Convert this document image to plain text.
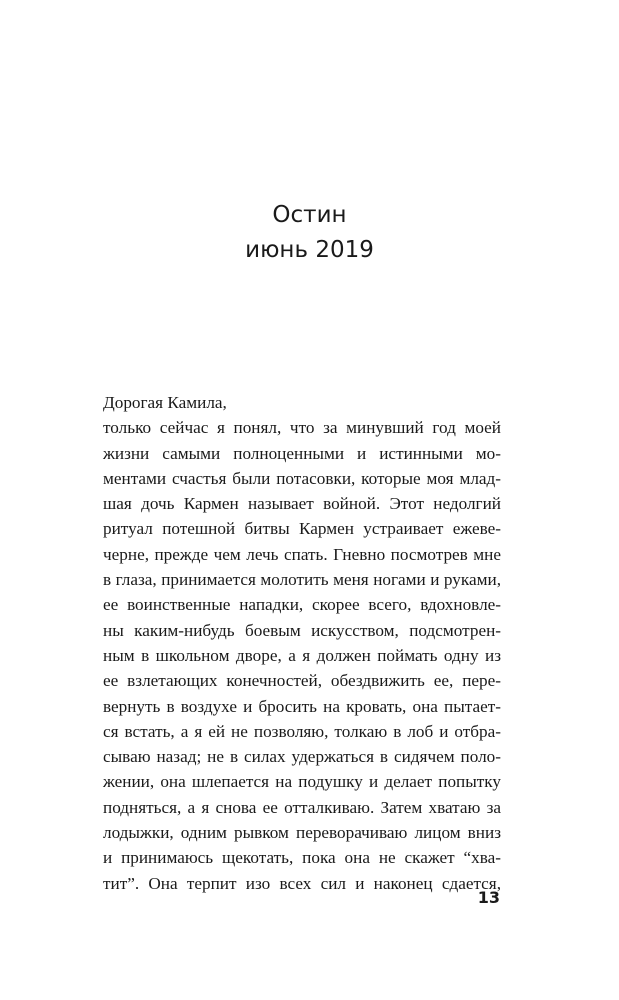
Остин
июнь 2019
Дорогая Камила,
только сейчас я понял, что за минувший год моей
жизни самыми полноценными и истинными мо-
ментами счастья были потасовки, которые моя млад-
шая дочь Кармен называет войной. Этот недолгий
ритуал потешной битвы Кармен устраивает ежеве-
черне, прежде чем лечь спать. Гневно посмотрев мне
в глаза, принимается молотить меня ногами и руками,
ее воинственные нападки, скорее всего, вдохновле-
ны каким-нибудь боевым искусством, подсмотрен-
ным в школьном дворе, а я должен поймать одну из
ее взлетающих конечностей, обездвижить ее, пере-
вернуть в воздухе и бросить на кровать, она пытает-
ся встать, а я ей не позволяю, толкаю в лоб и отбра-
сываю назад; не в силах удержаться в сидячем поло-
жении, она шлепается на подушку и делает попытку
подняться, а я снова ее отталкиваю. Затем хватаю за
лодыжки, одним рывком переворачиваю лицом вниз
и принимаюсь щекотать, пока она не скажет “хва-
тит”. Она терпит изо всех сил и наконец сдается,
13
